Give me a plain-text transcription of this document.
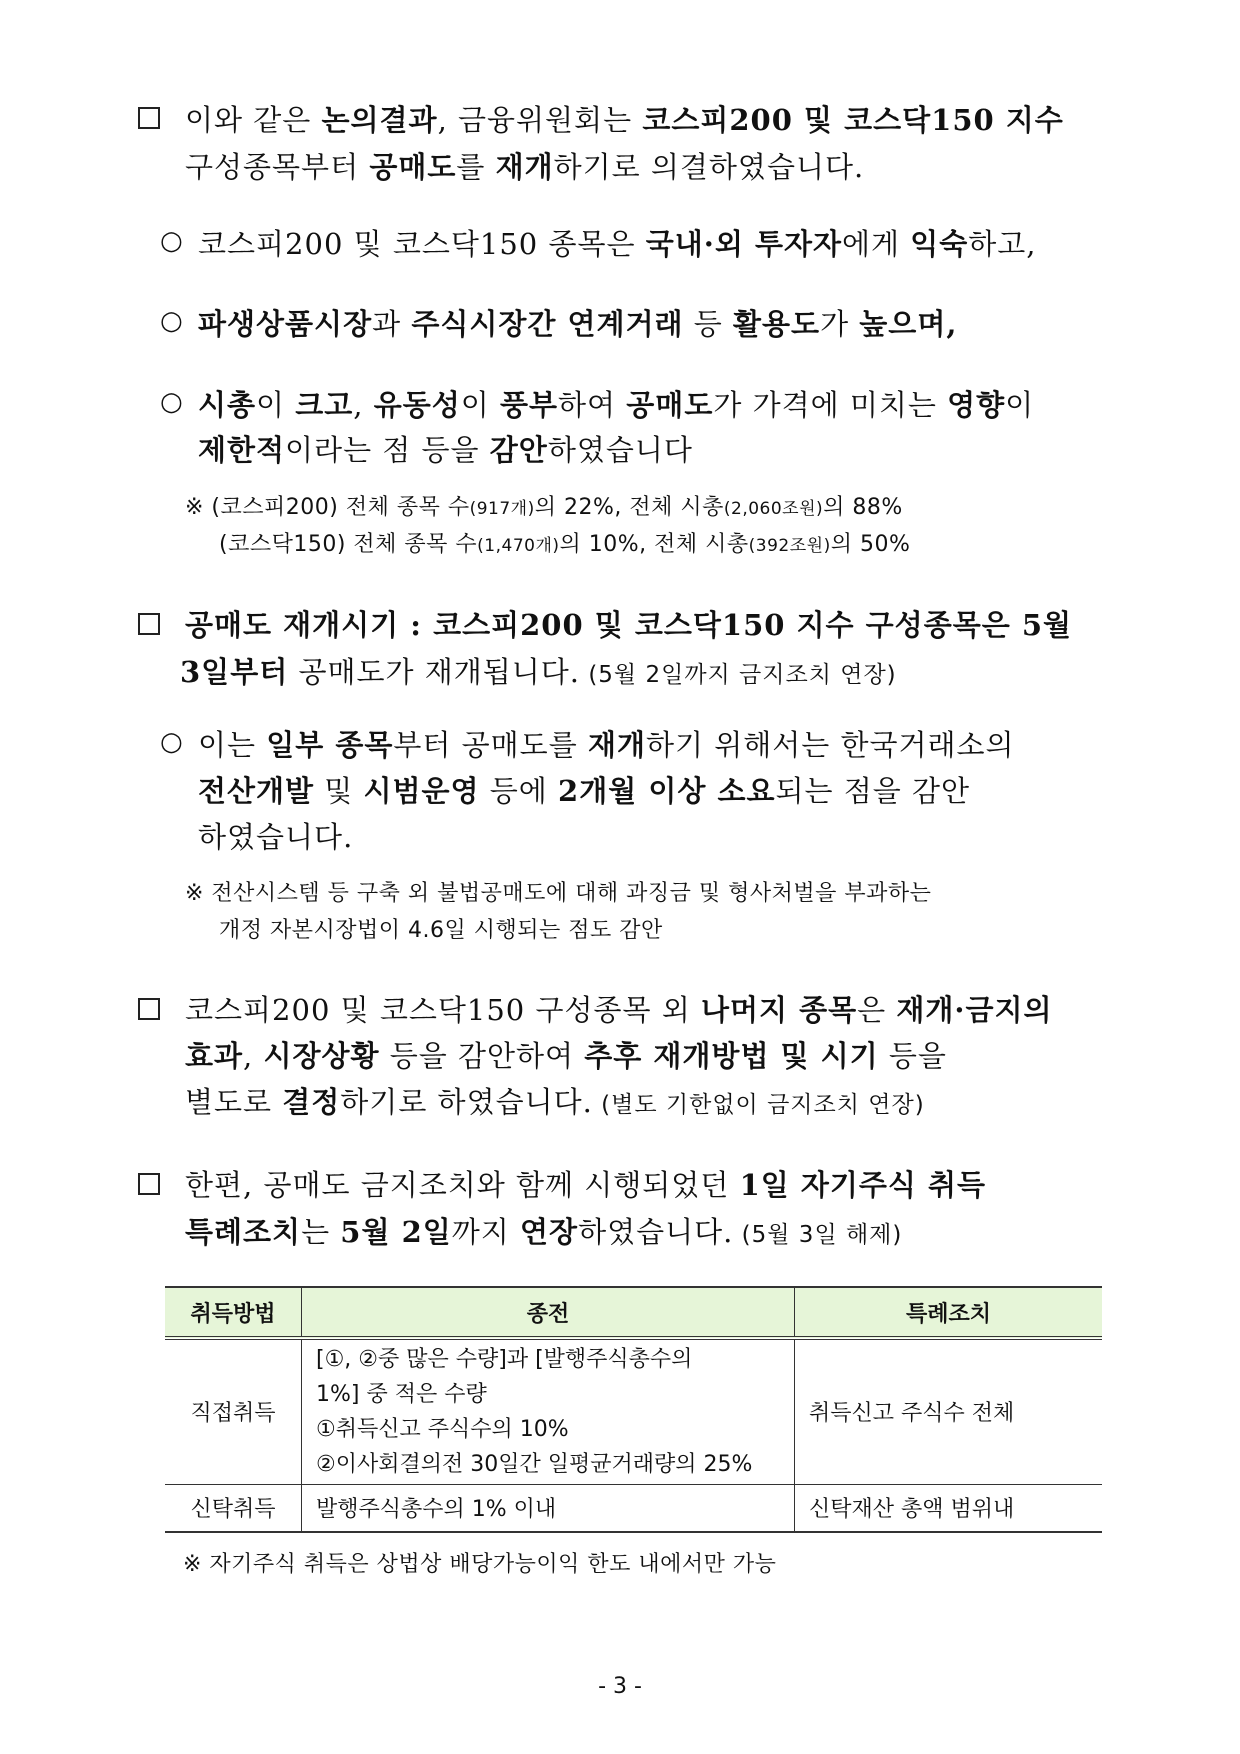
이와 같은 논의결과, 금융위원회는 코스피200 및 코스닥150 지수
구성종목부터 공매도를 재개하기로 의결하였습니다.
○ 코스피200 및 코스닥150 종목은 국내·외 투자자에게 익숙하고,
○ 파생상품시장과 주식시장간 연계거래 등 활용도가 높으며,
○ 시총이 크고, 유동성이 풍부하여 공매도가 가격에 미치는 영향이
제한적이라는 점 등을 감안하였습니다
※ (코스피200) 전체 종목 수(917개)의 22%, 전체 시총(2,060조원)의 88%
(코스닥150) 전체 종목 수(1,470개)의 10%, 전체 시총(392조원)의 50%
공매도 재개시기 : 코스피200 및 코스닥150 지수 구성종목은 5월
3일부터 공매도가 재개됩니다. (5월 2일까지 금지조치 연장)
○ 이는 일부 종목부터 공매도를 재개하기 위해서는 한국거래소의
전산개발 및 시범운영 등에 2개월 이상 소요되는 점을 감안
하였습니다.
※ 전산시스템 등 구축 외 불법공매도에 대해 과징금 및 형사처벌을 부과하는
개정 자본시장법이 4.6일 시행되는 점도 감안
코스피200 및 코스닥150 구성종목 외 나머지 종목은 재개·금지의
효과, 시장상황 등을 감안하여 추후 재개방법 및 시기 등을
별도로 결정하기로 하였습니다. (별도 기한없이 금지조치 연장)
한편, 공매도 금지조치와 함께 시행되었던 1일 자기주식 취득
특례조치는 5월 2일까지 연장하였습니다. (5월 3일 해제)
취득방법	종전	특례조치
직접취득	[①, ②중 많은 수량]과 [발행주식총수의
1%] 중 적은 수량
①취득신고 주식수의 10%
②이사회결의전 30일간 일평균거래량의 25%	취득신고 주식수 전체
신탁취득	발행주식총수의 1% 이내	신탁재산 총액 범위내
※ 자기주식 취득은 상법상 배당가능이익 한도 내에서만 가능
- 3 -
